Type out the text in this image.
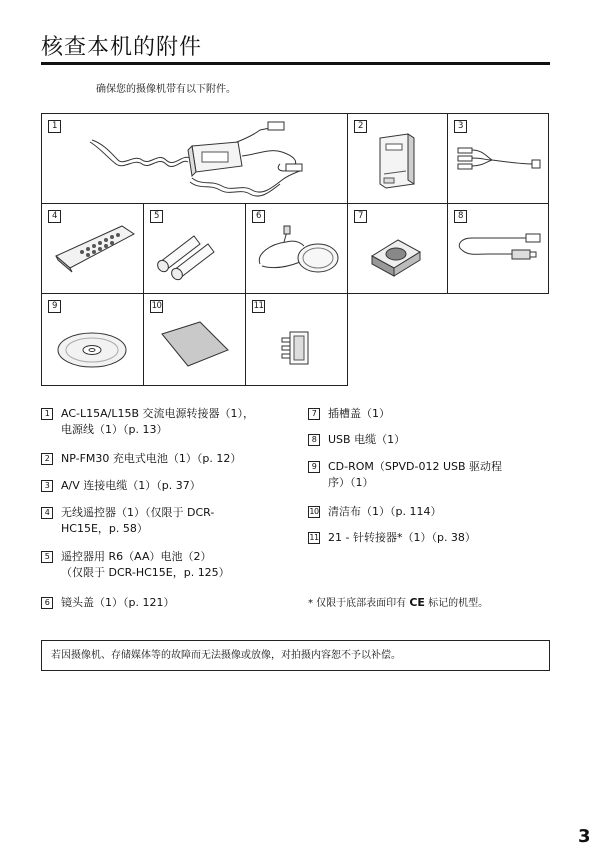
核查本机的附件
确保您的摄像机带有以下附件。
1	2	3
4	5	6	7	8
9	10	11
1	AC-L15A/L15B 交流电源转接器（1），
电源线（1）（p. 13）
2	NP-FM30 充电式电池（1）（p. 12）
3	A/V 连接电缆（1）（p. 37）
4	无线遥控器（1）（仅限于 DCR-
HC15E，p. 58）
5	遥控器用 R6（AA）电池（2）
（仅限于 DCR-HC15E，p. 125）
6	镜头盖（1）（p. 121）
7	插槽盖（1）
8	USB 电缆（1）
9	CD-ROM（SPVD-012 USB 驱动程
序）（1）
10 清洁布（1）（p. 114）
11 21 - 针转接器*（1）（p. 38）
* 仅限于底部表面印有 CE 标记的机型。
若因摄像机、存储媒体等的故障而无法摄像或放像，对拍摄内容恕不予以补偿。
3
